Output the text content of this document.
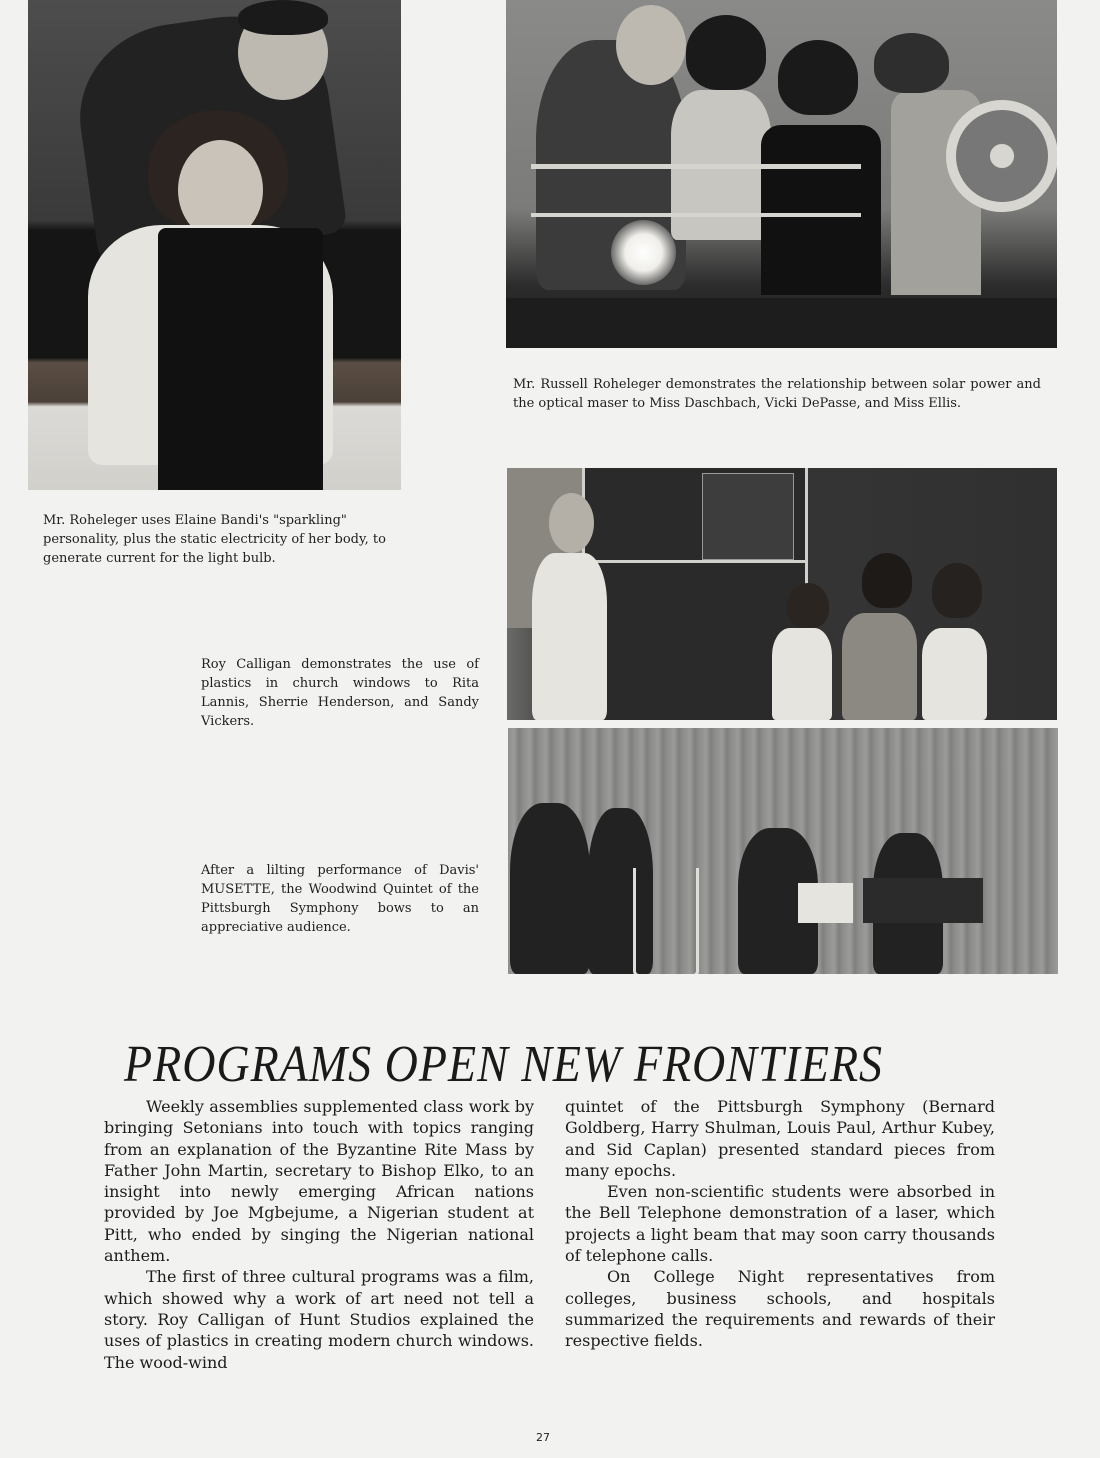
Mr. Roheleger uses Elaine Bandi's "sparkling" personality, plus the static electricity of her body, to generate current for the light bulb.
Mr. Russell Roheleger demonstrates the relationship between solar power and the optical maser to Miss Daschbach, Vicki DePasse, and Miss Ellis.
Roy Calligan demonstrates the use of plastics in church windows to Rita Lannis, Sherrie Henderson, and Sandy Vickers.
After a lilting performance of Davis' MUSETTE, the Woodwind Quintet of the Pittsburgh Symphony bows to an appreciative audience.
PROGRAMS OPEN NEW FRONTIERS

Weekly assemblies supplemented class work by bringing Setonians into touch with topics ranging from an explanation of the Byzantine Rite Mass by Father John Martin, secretary to Bishop Elko, to an insight into newly emerging African nations provided by Joe Mgbejume, a Nigerian student at Pitt, who ended by singing the Nigerian national anthem.

The first of three cultural programs was a film, which showed why a work of art need not tell a story. Roy Calligan of Hunt Studios explained the uses of plastics in creating modern church windows. The wood-wind

quintet of the Pittsburgh Symphony (Bernard Goldberg, Harry Shulman, Louis Paul, Arthur Kubey, and Sid Caplan) presented standard pieces from many epochs.

Even non-scientific students were absorbed in the Bell Telephone demonstration of a laser, which projects a light beam that may soon carry thousands of telephone calls.

On College Night representatives from colleges, business schools, and hospitals summarized the requirements and rewards of their respective fields.

27
